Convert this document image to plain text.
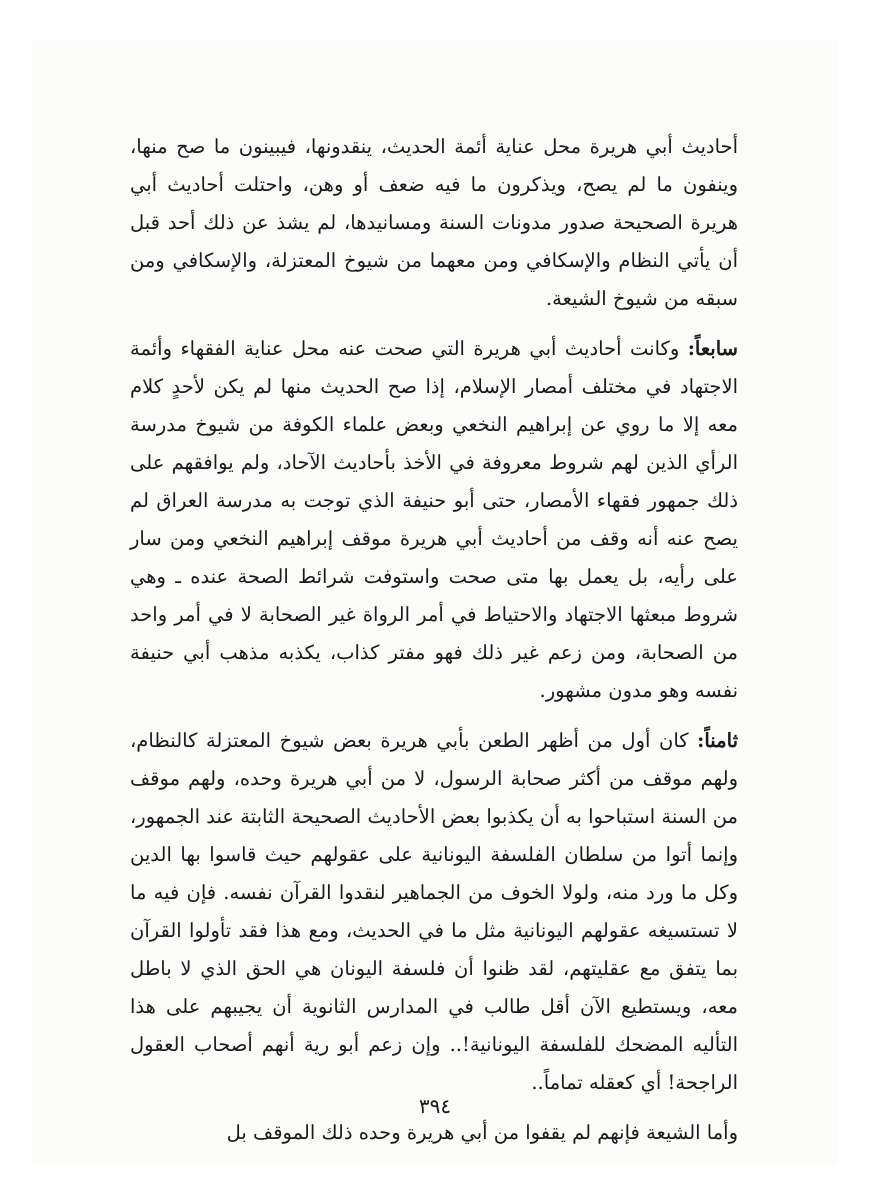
أحاديث أبي هريرة محل عناية أئمة الحديث، ينقدونها، فيبينون ما صح منها، وينفون ما لم يصح، ويذكرون ما فيه ضعف أو وهن، واحتلت أحاديث أبي هريرة الصحيحة صدور مدونات السنة ومسانيدها، لم يشذ عن ذلك أحد قبل أن يأتي النظام والإسكافي ومن معهما من شيوخ المعتزلة، والإسكافي ومن سبقه من شيوخ الشيعة.

سابعاً: وكانت أحاديث أبي هريرة التي صحت عنه محل عناية الفقهاء وأئمة الاجتهاد في مختلف أمصار الإسلام، إذا صح الحديث منها لم يكن لأحدٍ كلام معه إلا ما روي عن إبراهيم النخعي وبعض علماء الكوفة من شيوخ مدرسة الرأي الذين لهم شروط معروفة في الأخذ بأحاديث الآحاد، ولم يوافقهم على ذلك جمهور فقهاء الأمصار، حتى أبو حنيفة الذي توجت به مدرسة العراق لم يصح عنه أنه وقف من أحاديث أبي هريرة موقف إبراهيم النخعي ومن سار على رأيه، بل يعمل بها متى صحت واستوفت شرائط الصحة عنده ـ وهي شروط مبعثها الاجتهاد والاحتياط في أمر الرواة غير الصحابة لا في أمر واحد من الصحابة، ومن زعم غير ذلك فهو مفتر كذاب، يكذبه مذهب أبي حنيفة نفسه وهو مدون مشهور.

ثامناً: كان أول من أظهر الطعن بأبي هريرة بعض شيوخ المعتزلة كالنظام، ولهم موقف من أكثر صحابة الرسول، لا من أبي هريرة وحده، ولهم موقف من السنة استباحوا به أن يكذبوا بعض الأحاديث الصحيحة الثابتة عند الجمهور، وإنما أتوا من سلطان الفلسفة اليونانية على عقولهم حيث قاسوا بها الدين وكل ما ورد منه، ولولا الخوف من الجماهير لنقدوا القرآن نفسه. فإن فيه ما لا تستسيغه عقولهم اليونانية مثل ما في الحديث، ومع هذا فقد تأولوا القرآن بما يتفق مع عقليتهم، لقد ظنوا أن فلسفة اليونان هي الحق الذي لا باطل معه، ويستطيع الآن أقل طالب في المدارس الثانوية أن يجيبهم على هذا التأليه المضحك للفلسفة اليونانية!.. وإن زعم أبو رية أنهم أصحاب العقول الراجحة! أي كعقله تماماً..

وأما الشيعة فإنهم لم يقفوا من أبي هريرة وحده ذلك الموقف بل

٣٩٤
